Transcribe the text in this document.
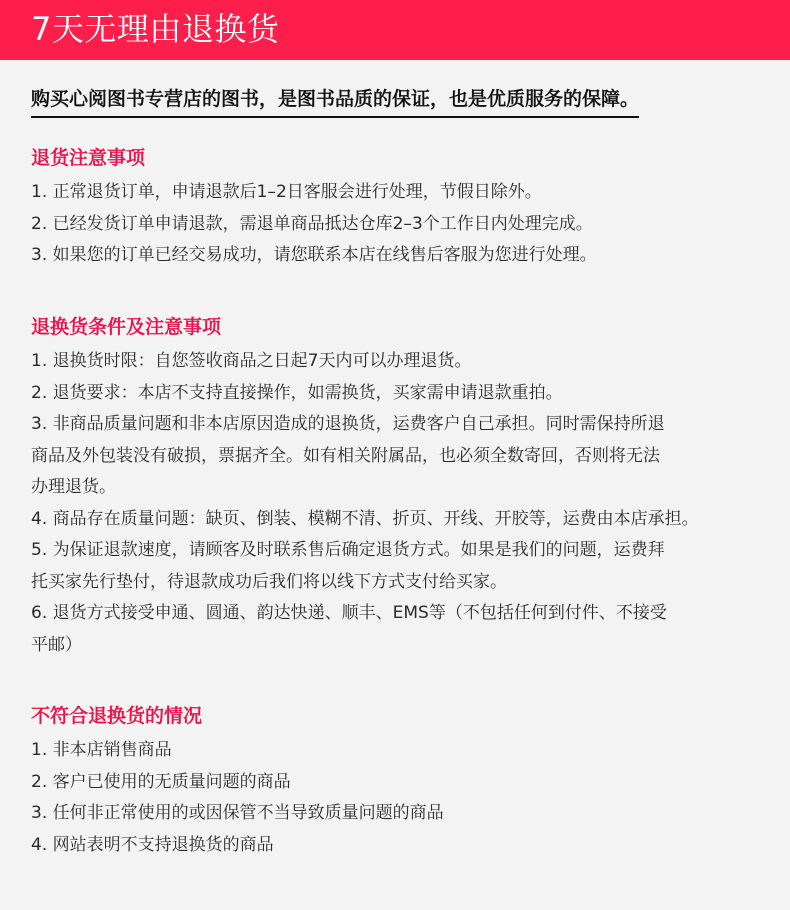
7天无理由退换货
购买心阅图书专营店的图书，是图书品质的保证，也是优质服务的保障。
退货注意事项
1. 正常退货订单，申请退款后1–2日客服会进行处理，节假日除外。
2. 已经发货订单申请退款，需退单商品抵达仓库2–3个工作日内处理完成。
3. 如果您的订单已经交易成功，请您联系本店在线售后客服为您进行处理。
退换货条件及注意事项
1. 退换货时限：自您签收商品之日起7天内可以办理退货。
2. 退货要求：本店不支持直接操作，如需换货，买家需申请退款重拍。
3. 非商品质量问题和非本店原因造成的退换货，运费客户自己承担。同时需保持所退
商品及外包装没有破损，票据齐全。如有相关附属品，也必须全数寄回，否则将无法
办理退货。
4. 商品存在质量问题：缺页、倒装、模糊不清、折页、开线、开胶等，运费由本店承担。
5. 为保证退款速度，请顾客及时联系售后确定退货方式。如果是我们的问题，运费拜
托买家先行垫付，待退款成功后我们将以线下方式支付给买家。
6. 退货方式接受申通、圆通、韵达快递、顺丰、EMS等（不包括任何到付件、不接受
平邮）
不符合退换货的情况
1. 非本店销售商品
2. 客户已使用的无质量问题的商品
3. 任何非正常使用的或因保管不当导致质量问题的商品
4. 网站表明不支持退换货的商品
